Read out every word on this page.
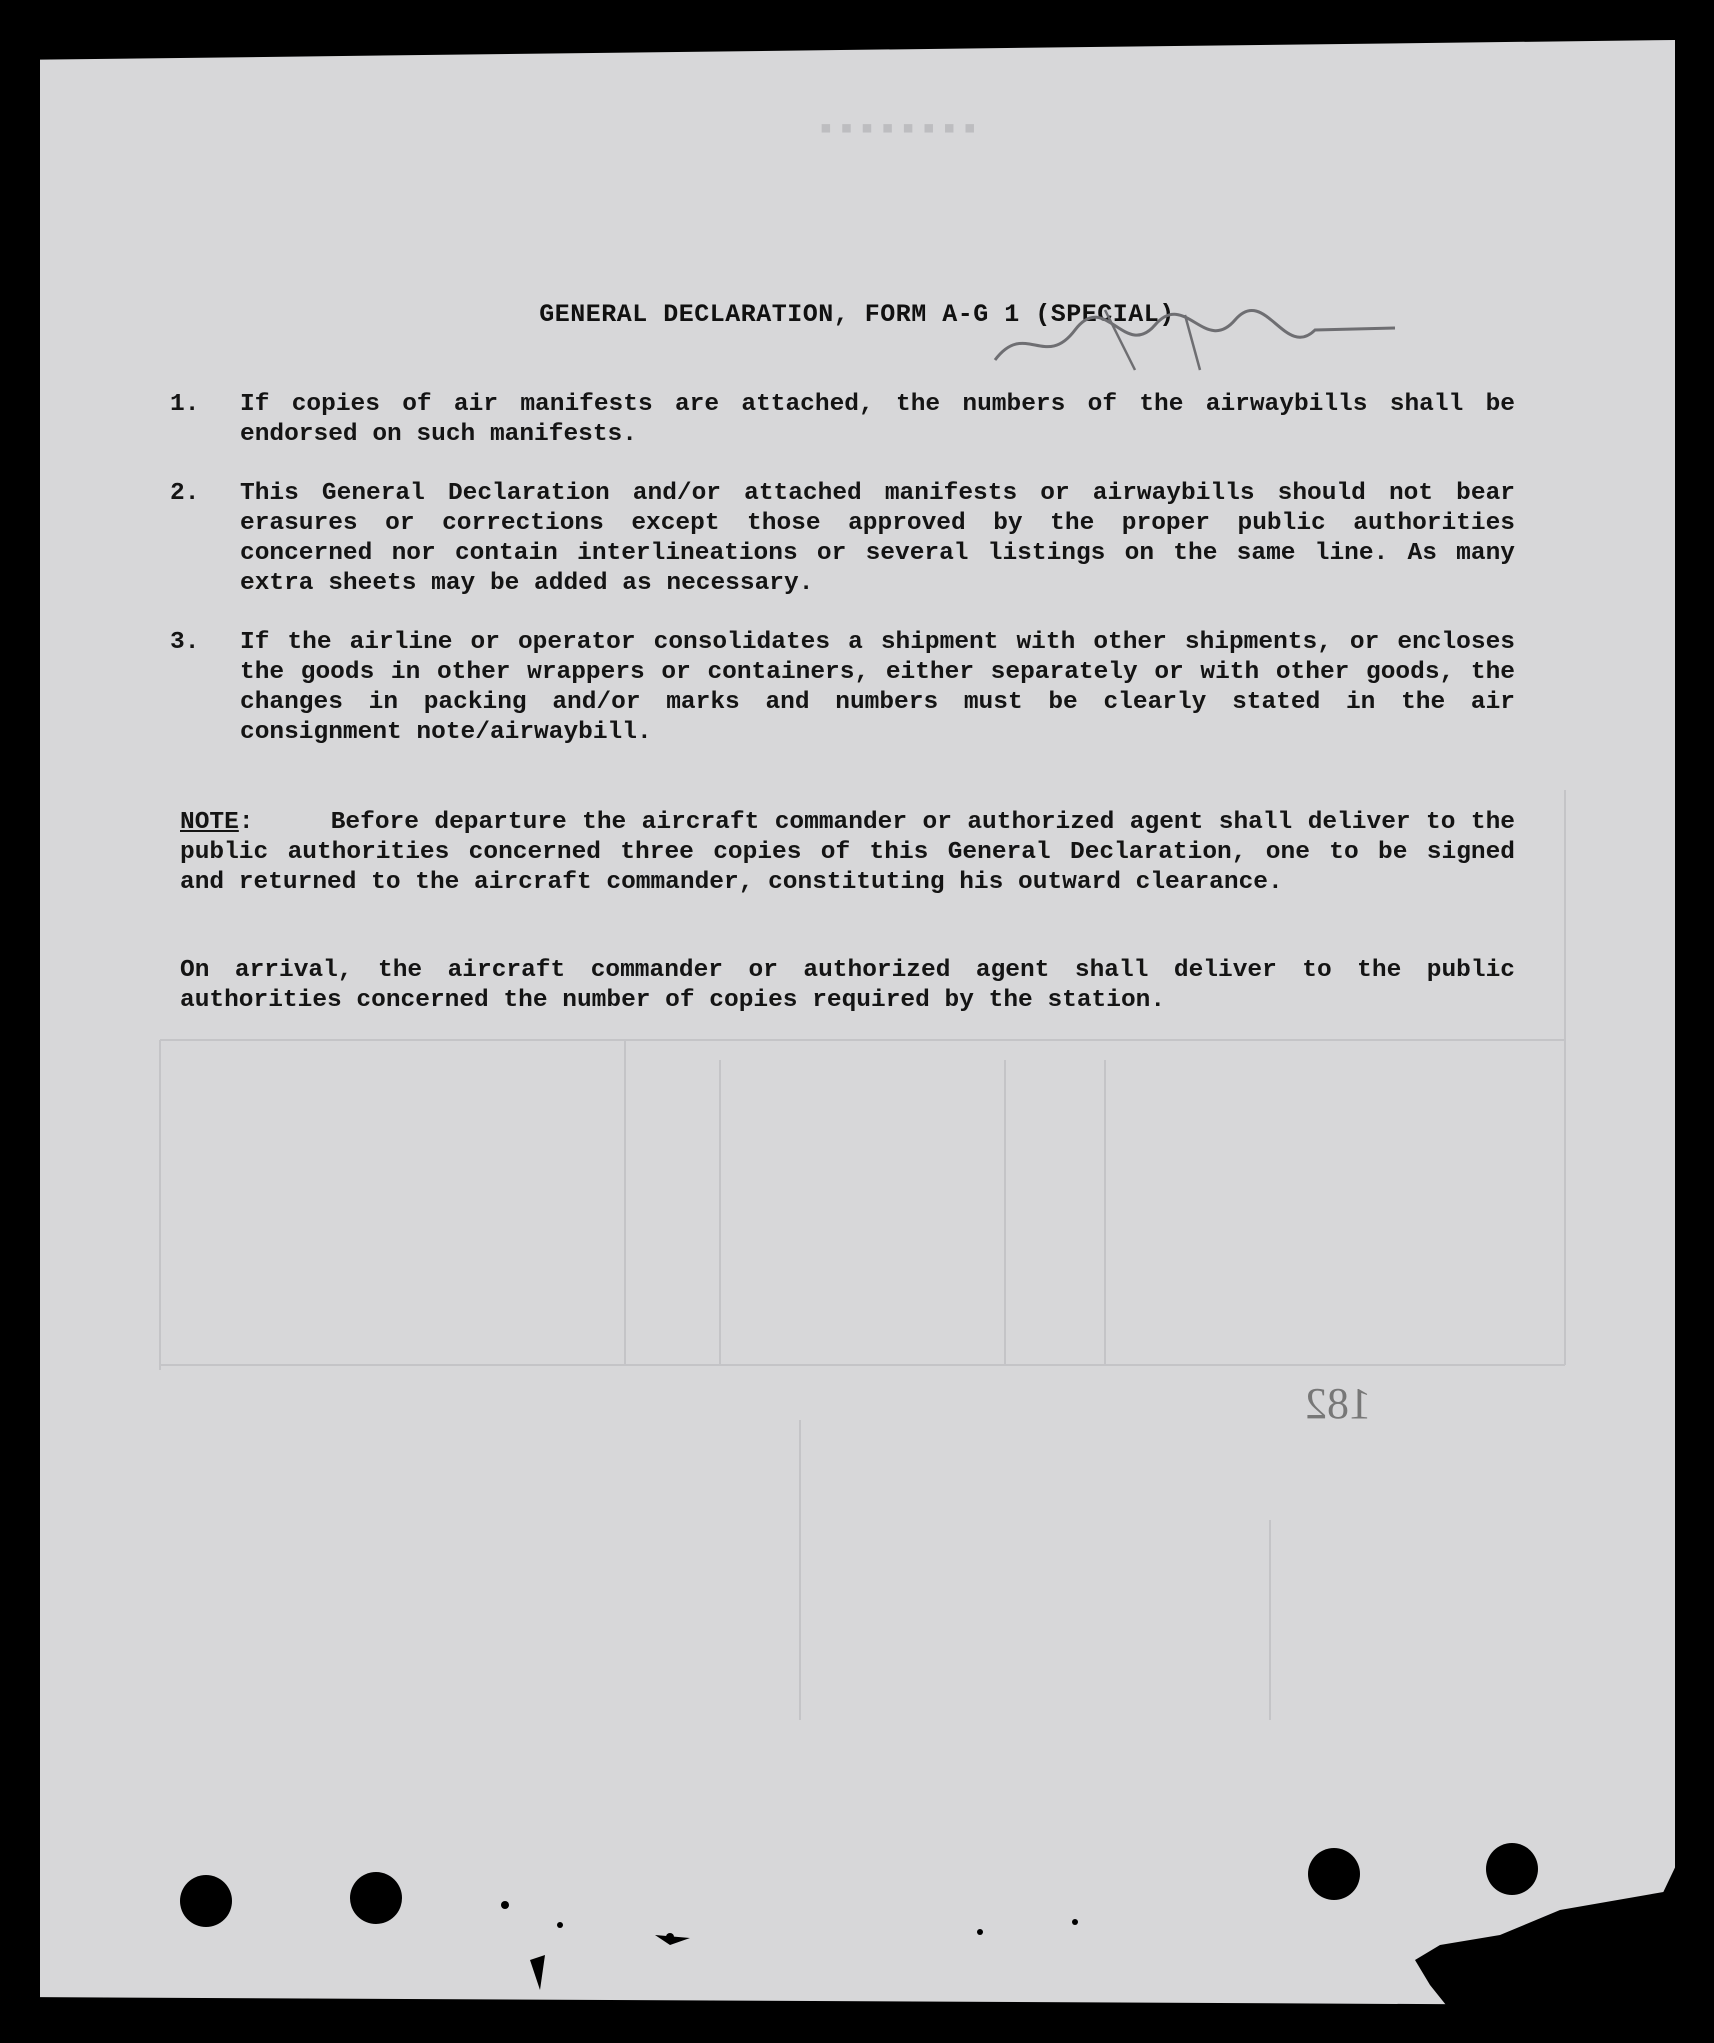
▪ ▪ ▪ ▪ ▪ ▪ ▪ ▪
GENERAL DECLARATION, FORM A-G 1 (SPECIAL)
1. If copies of air manifests are attached, the numbers of the airwaybills shall be endorsed on such manifests.
2. This General Declaration and/or attached manifests or airwaybills should not bear erasures or corrections except those approved by the proper public authorities concerned nor contain interlineations or several listings on the same line. As many extra sheets may be added as necessary.
3. If the airline or operator consolidates a shipment with other shipments, or encloses the goods in other wrappers or containers, either separately or with other goods, the changes in packing and/or marks and numbers must be clearly stated in the air consignment note/airwaybill.
NOTE:     Before departure the aircraft commander or authorized agent shall deliver to the public authorities concerned three copies of this General Declaration, one to be signed and returned to the aircraft commander, constituting his outward clearance.
On arrival, the aircraft commander or authorized agent shall deliver to the public authorities concerned the number of copies required by the station.
182
